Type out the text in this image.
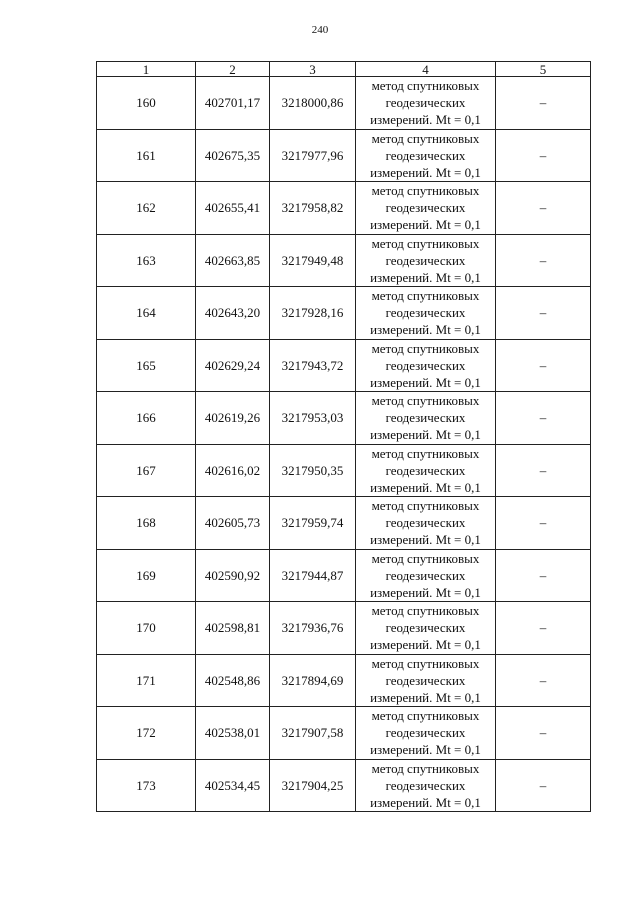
240
1	2	3	4	5
160	402701,17	3218000,86	метод спутниковых
геодезических
измерений. Mt = 0,1	–
161	402675,35	3217977,96	метод спутниковых
геодезических
измерений. Mt = 0,1	–
162	402655,41	3217958,82	метод спутниковых
геодезических
измерений. Mt = 0,1	–
163	402663,85	3217949,48	метод спутниковых
геодезических
измерений. Mt = 0,1	–
164	402643,20	3217928,16	метод спутниковых
геодезических
измерений. Mt = 0,1	–
165	402629,24	3217943,72	метод спутниковых
геодезических
измерений. Mt = 0,1	–
166	402619,26	3217953,03	метод спутниковых
геодезических
измерений. Mt = 0,1	–
167	402616,02	3217950,35	метод спутниковых
геодезических
измерений. Mt = 0,1	–
168	402605,73	3217959,74	метод спутниковых
геодезических
измерений. Mt = 0,1	–
169	402590,92	3217944,87	метод спутниковых
геодезических
измерений. Mt = 0,1	–
170	402598,81	3217936,76	метод спутниковых
геодезических
измерений. Mt = 0,1	–
171	402548,86	3217894,69	метод спутниковых
геодезических
измерений. Mt = 0,1	–
172	402538,01	3217907,58	метод спутниковых
геодезических
измерений. Mt = 0,1	–
173	402534,45	3217904,25	метод спутниковых
геодезических
измерений. Mt = 0,1	–
